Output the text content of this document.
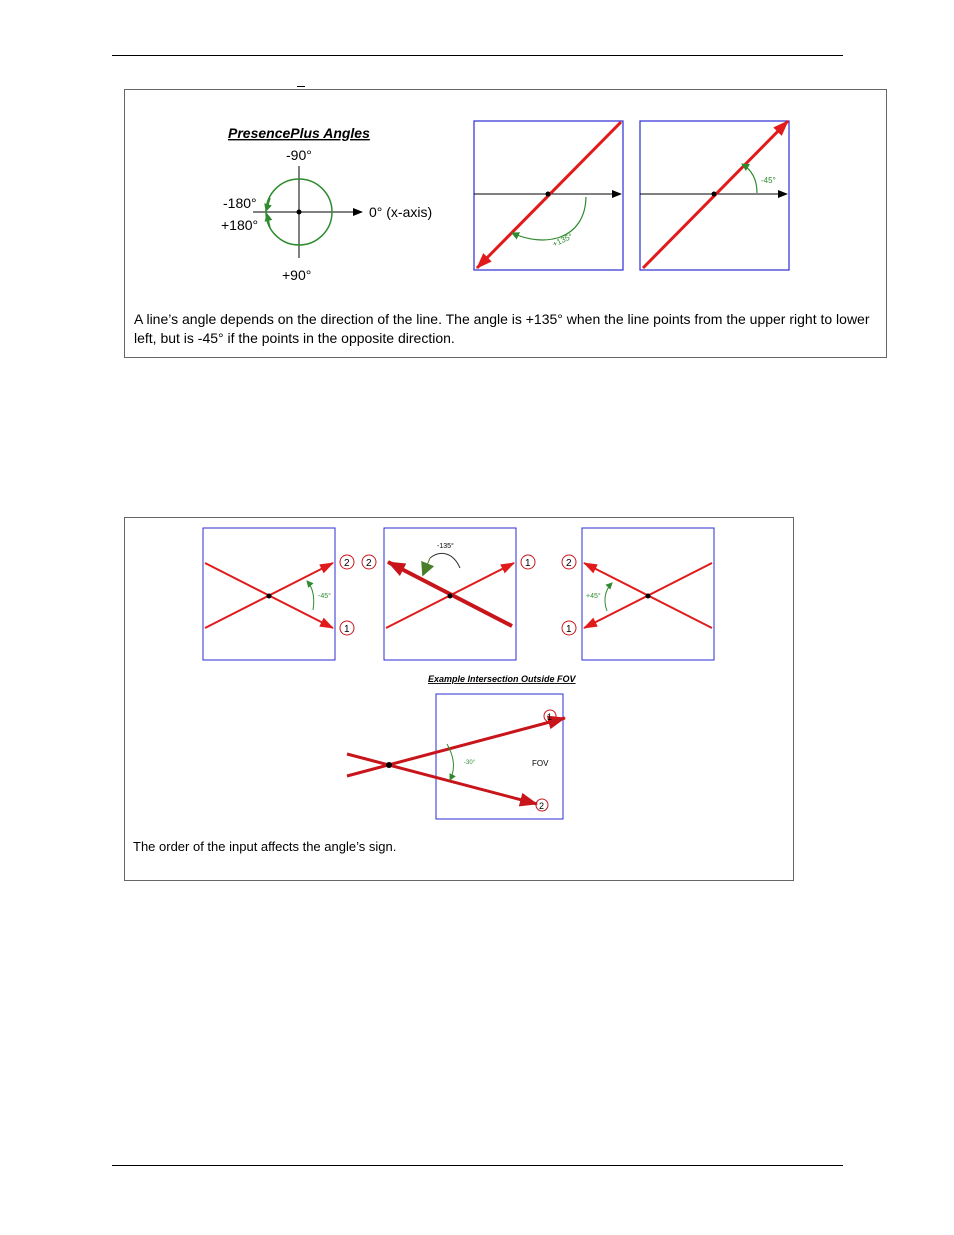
PresencePlus Angles
-90°
-180°
+180°
0° (x-axis)
+90°
+135°
-45°
A line’s angle depends on the direction of the line. The angle is +135° when the line points from the upper right to lower left, but is -45° if the points in the opposite direction.
-45°
2
1
2
-135°
1	2
1
+45°
Example Intersection Outside FOV
-30°	FOV
1
2
The order of the input affects the angle’s sign.
